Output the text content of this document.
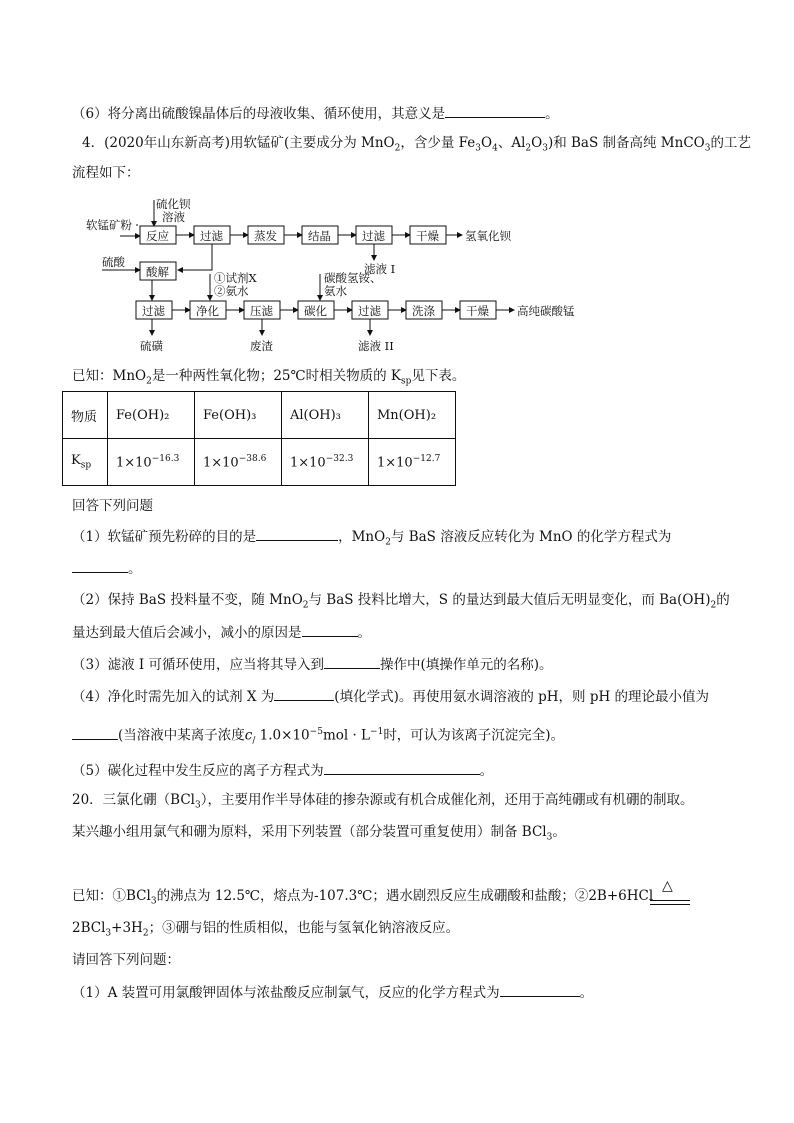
（6）将分离出硫酸镍晶体后的母液收集、循环使用，其意义是	。
4．(2020年山东新高考)用软锰矿(主要成分为 MnO$_2$，含少量 $Fe_3O_4$、$Al_2O_3$)和 BaS 制备高纯 MnCO$_3$的工艺
流程如下：
软锰矿粉
硫化钡
溶液
反应	过滤	蒸发	结晶	过滤	干燥 氢氧化钡
滤液 I
硫酸
酸解	①试剂X
②氨水
碳酸氢铵、
氨水
过滤	净化	压滤	碳化	过滤	洗涤	干燥 高纯碳酸锰
硫磺	废渣	滤液 II
已知：MnO$_2$是一种两性氧化物；25℃时相关物质的 $K_{sp}$见下表。
物质	Fe(OH)₂	Fe(OH)₃	Al(OH)₃	Mn(OH)₂
$K_{sp}$	$1\times 10^{-16.3}$	$1\times 10^{-38.6}$	$1\times 10^{-32.3}$	$1\times 10^{-12.7}$
回答下列问题
（1）软锰矿预先粉碎的目的是	，MnO$_2$与 BaS 溶液反应转化为 MnO 的化学方程式为
。
（2）保持 BaS 投料量不变，随 MnO$_2$与 BaS 投料比增大，S 的量达到最大值后无明显变化，而 $Ba(OH)_2$的
量达到最大值后会减小，减小的原因是	。
（3）滤液 I 可循环使用，应当将其导入到	操作中(填操作单元的名称)。
（4）净化时需先加入的试剂 X 为	(填化学式)。再使用氨水调溶液的 pH，则 pH 的理论最小值为
(当溶液中某离子浓度$c_/$ $1.0\times 10^{-5}mol \cdot L^{-1}$时，可认为该离子沉淀完全)。
（5）碳化过程中发生反应的离子方程式为	。
20．三氯化硼（BCl$_3$），主要用作半导体硅的掺杂源或有机合成催化剂，还用于高纯硼或有机硼的制取。
某兴趣小组用氯气和硼为原料，采用下列装置（部分装置可重复使用）制备 BCl$_3$。
已知：①BCl$_3$的沸点为 12.5℃，熔点为-107.3℃；遇水剧烈反应生成硼酸和盐酸；②2B+6HCl
△
$2BCl_3+3H_2$；③硼与铝的性质相似，也能与氢氧化钠溶液反应。
请回答下列问题：
（1）A 装置可用氯酸钾固体与浓盐酸反应制氯气，反应的化学方程式为	。
